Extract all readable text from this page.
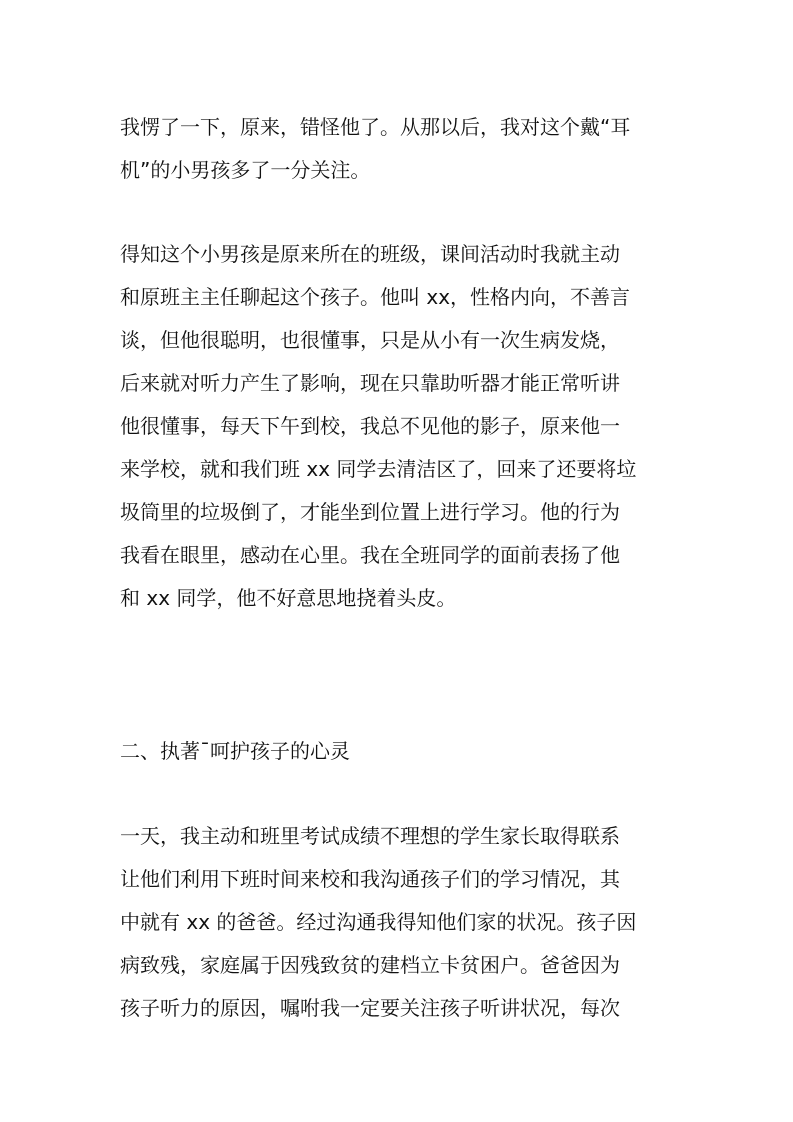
我愣了一下，原来，错怪他了。从那以后，我对这个戴“耳
机”的小男孩多了一分关注。
得知这个小男孩是原来所在的班级，课间活动时我就主动
和原班主主任聊起这个孩子。他叫 xx，性格内向，不善言
谈，但他很聪明，也很懂事，只是从小有一次生病发烧，
后来就对听力产生了影响，现在只靠助听器才能正常听讲
他很懂事，每天下午到校，我总不见他的影子，原来他一
来学校，就和我们班 xx 同学去清洁区了，回来了还要将垃
圾筒里的垃圾倒了，才能坐到位置上进行学习。他的行为
我看在眼里，感动在心里。我在全班同学的面前表扬了他
和 xx 同学，他不好意思地挠着头皮。
二、执著¯呵护孩子的心灵
一天，我主动和班里考试成绩不理想的学生家长取得联系
让他们利用下班时间来校和我沟通孩子们的学习情况，其
中就有 xx 的爸爸。经过沟通我得知他们家的状况。孩子因
病致残，家庭属于因残致贫的建档立卡贫困户。爸爸因为
孩子听力的原因，嘱咐我一定要关注孩子听讲状况，每次
